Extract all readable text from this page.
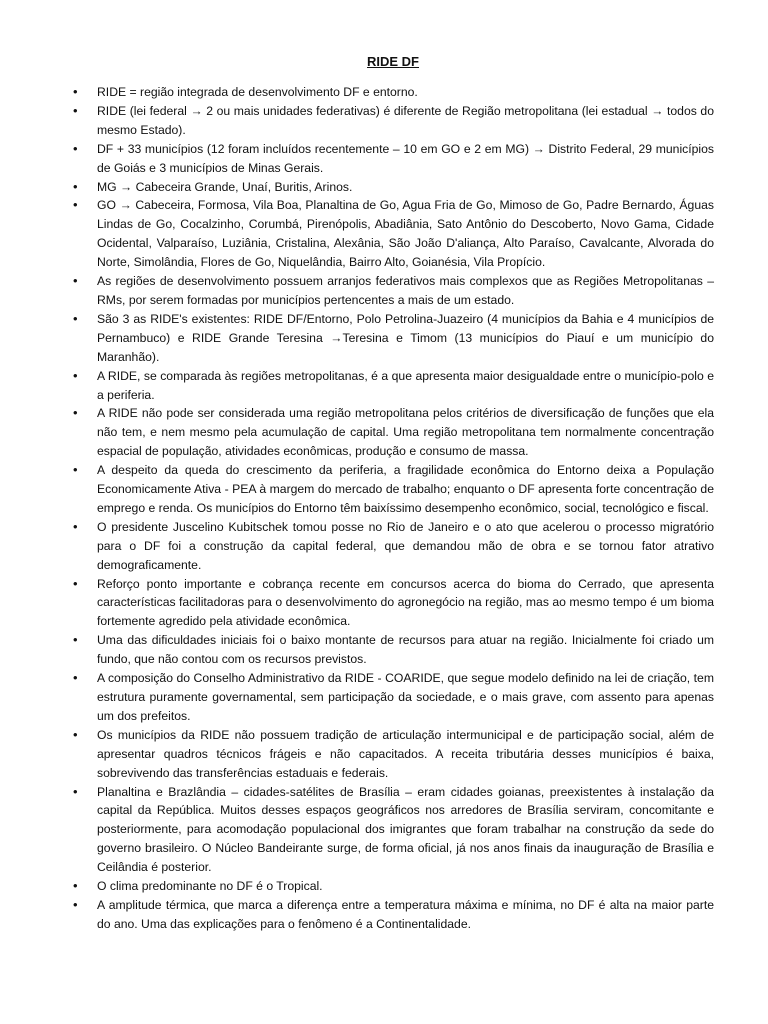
RIDE DF
• RIDE = região integrada de desenvolvimento DF e entorno.
• RIDE (lei federal → 2 ou mais unidades federativas) é diferente de Região metropolitana (lei estadual → todos do mesmo Estado).
• DF + 33 municípios (12 foram incluídos recentemente – 10 em GO e 2 em MG) → Distrito Federal, 29 municípios de Goiás e 3 municípios de Minas Gerais.
• MG → Cabeceira Grande, Unaí, Buritis, Arinos.
• GO → Cabeceira, Formosa, Vila Boa, Planaltina de Go, Agua Fria de Go, Mimoso de Go, Padre Bernardo, Águas Lindas de Go, Cocalzinho, Corumbá, Pirenópolis, Abadiânia, Sato Antônio do Descoberto, Novo Gama, Cidade Ocidental, Valparaíso, Luziânia, Cristalina, Alexânia, São João D'aliança, Alto Paraíso, Cavalcante, Alvorada do Norte, Simolândia, Flores de Go, Niquelândia, Bairro Alto, Goianésia, Vila Propício.
• As regiões de desenvolvimento possuem arranjos federativos mais complexos que as Regiões Metropolitanas – RMs, por serem formadas por municípios pertencentes a mais de um estado.
• São 3 as RIDE's existentes: RIDE DF/Entorno, Polo Petrolina-Juazeiro (4 municípios da Bahia e 4 municípios de Pernambuco) e RIDE Grande Teresina →Teresina e Timom (13 municípios do Piauí e um município do Maranhão).
• A RIDE, se comparada às regiões metropolitanas, é a que apresenta maior desigualdade entre o município-polo e a periferia.
• A RIDE não pode ser considerada uma região metropolitana pelos critérios de diversificação de funções que ela não tem, e nem mesmo pela acumulação de capital. Uma região metropolitana tem normalmente concentração espacial de população, atividades econômicas, produção e consumo de massa.
• A despeito da queda do crescimento da periferia, a fragilidade econômica do Entorno deixa a População Economicamente Ativa - PEA à margem do mercado de trabalho; enquanto o DF apresenta forte concentração de emprego e renda. Os municípios do Entorno têm baixíssimo desempenho econômico, social, tecnológico e fiscal.
• O presidente Juscelino Kubitschek tomou posse no Rio de Janeiro e o ato que acelerou o processo migratório para o DF foi a construção da capital federal, que demandou mão de obra e se tornou fator atrativo demograficamente.
• Reforço ponto importante e cobrança recente em concursos acerca do bioma do Cerrado, que apresenta características facilitadoras para o desenvolvimento do agronegócio na região, mas ao mesmo tempo é um bioma fortemente agredido pela atividade econômica.
• Uma das dificuldades iniciais foi o baixo montante de recursos para atuar na região. Inicialmente foi criado um fundo, que não contou com os recursos previstos.
• A composição do Conselho Administrativo da RIDE - COARIDE, que segue modelo definido na lei de criação, tem estrutura puramente governamental, sem participação da sociedade, e o mais grave, com assento para apenas um dos prefeitos.
• Os municípios da RIDE não possuem tradição de articulação intermunicipal e de participação social, além de apresentar quadros técnicos frágeis e não capacitados. A receita tributária desses municípios é baixa, sobrevivendo das transferências estaduais e federais.
• Planaltina e Brazlândia – cidades-satélites de Brasília – eram cidades goianas, preexistentes à instalação da capital da República. Muitos desses espaços geográficos nos arredores de Brasília serviram, concomitante e posteriormente, para acomodação populacional dos imigrantes que foram trabalhar na construção da sede do governo brasileiro. O Núcleo Bandeirante surge, de forma oficial, já nos anos finais da inauguração de Brasília e Ceilândia é posterior.
• O clima predominante no DF é o Tropical.
• A amplitude térmica, que marca a diferença entre a temperatura máxima e mínima, no DF é alta na maior parte do ano. Uma das explicações para o fenômeno é a Continentalidade.
